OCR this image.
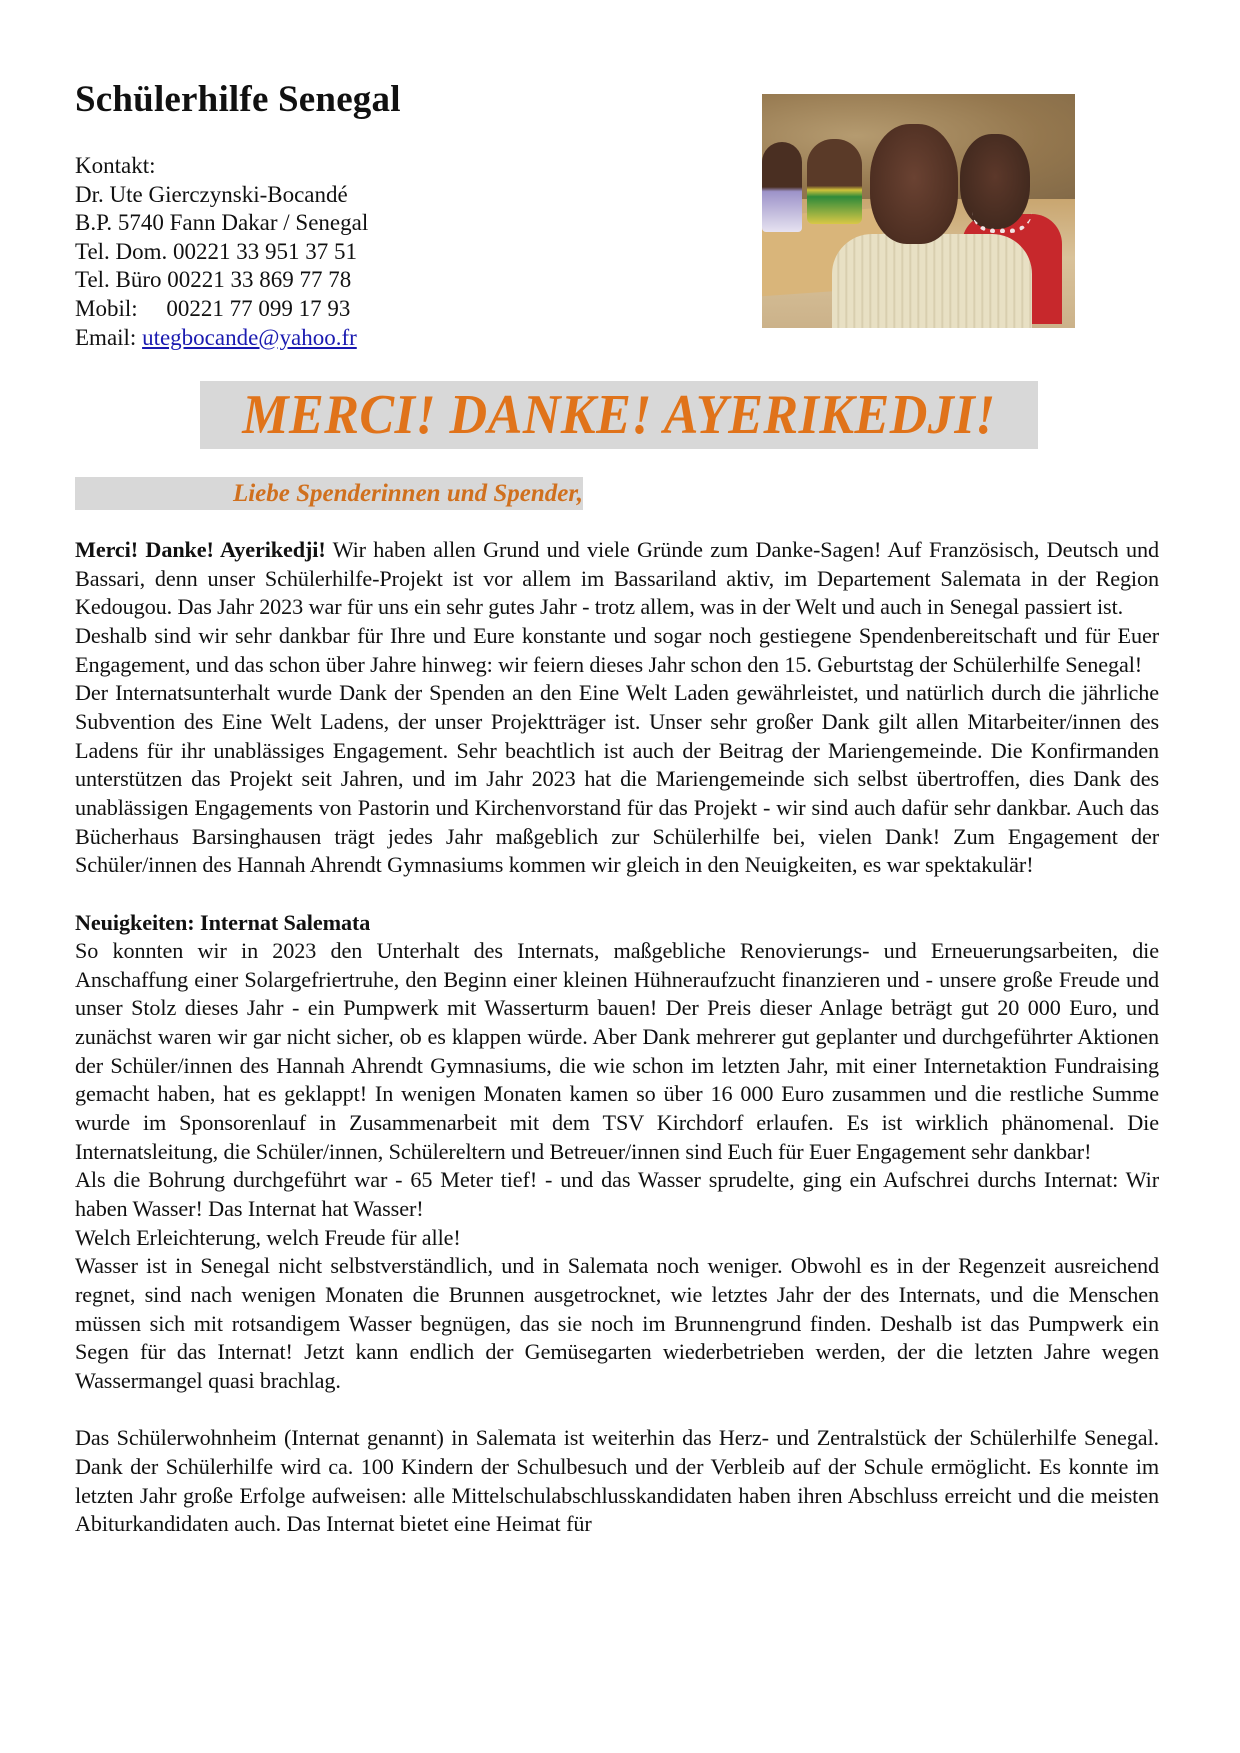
Schülerhilfe Senegal
Kontakt:
Dr. Ute Gierczynski-Bocandé
B.P. 5740 Fann Dakar / Senegal
Tel. Dom. 00221 33 951 37 51
Tel. Büro 00221 33 869 77 78
Mobil:     00221 77 099 17 93
Email: utegbocande@yahoo.fr
MERCI! DANKE! AYERIKEDJI!
Liebe Spenderinnen und Spender,

Merci! Danke! Ayerikedji! Wir haben allen Grund und viele Gründe zum Danke-Sagen! Auf Französisch, Deutsch und Bassari, denn unser Schülerhilfe-Projekt ist vor allem im Bassariland aktiv, im Departement Salemata in der Region Kedougou. Das Jahr 2023 war für uns ein sehr gutes Jahr - trotz allem, was in der Welt und auch in Senegal passiert ist.

Deshalb sind wir sehr dankbar für Ihre und Eure konstante und sogar noch gestiegene Spendenbereitschaft und für Euer Engagement, und das schon über Jahre hinweg: wir feiern dieses Jahr schon den 15. Geburtstag der Schülerhilfe Senegal!

Der Internatsunterhalt wurde Dank der Spenden an den Eine Welt Laden gewährleistet, und natürlich durch die jährliche Subvention des Eine Welt Ladens, der unser Projektträger ist. Unser sehr großer Dank gilt allen Mitarbeiter/innen des Ladens für ihr unablässiges Engagement. Sehr beachtlich ist auch der Beitrag der Mariengemeinde. Die Konfirmanden unterstützen das Projekt seit Jahren, und im Jahr 2023 hat die Mariengemeinde sich selbst übertroffen, dies Dank des unablässigen Engagements von Pastorin und Kirchenvorstand für das Projekt - wir sind auch dafür sehr dankbar. Auch das Bücherhaus Barsinghausen trägt jedes Jahr maßgeblich zur Schülerhilfe bei, vielen Dank! Zum Engagement der Schüler/innen des Hannah Ahrendt Gymnasiums kommen wir gleich in den Neuigkeiten, es war spektakulär!

Neuigkeiten: Internat Salemata

So konnten wir in 2023 den Unterhalt des Internats, maßgebliche Renovierungs- und Erneuerungsarbeiten, die Anschaffung einer Solargefriertruhe, den Beginn einer kleinen Hühneraufzucht finanzieren und - unsere große Freude und unser Stolz dieses Jahr - ein Pumpwerk mit Wasserturm bauen! Der Preis dieser Anlage beträgt gut 20 000 Euro, und zunächst waren wir gar nicht sicher, ob es klappen würde. Aber Dank mehrerer gut geplanter und durchgeführter Aktionen der Schüler/innen des Hannah Ahrendt Gymnasiums, die wie schon im letzten Jahr, mit einer Internetaktion Fundraising gemacht haben, hat es geklappt! In wenigen Monaten kamen so über 16 000 Euro zusammen und die restliche Summe wurde im Sponsorenlauf in Zusammenarbeit mit dem TSV Kirchdorf erlaufen. Es ist wirklich phänomenal. Die Internatsleitung, die Schüler/innen, Schülereltern und Betreuer/innen sind Euch für Euer Engagement sehr dankbar!

Als die Bohrung durchgeführt war - 65 Meter tief! - und das Wasser sprudelte, ging ein Aufschrei durchs Internat: Wir haben Wasser! Das Internat hat Wasser!

Welch Erleichterung, welch Freude für alle!

Wasser ist in Senegal nicht selbstverständlich, und in Salemata noch weniger. Obwohl es in der Regenzeit ausreichend regnet, sind nach wenigen Monaten die Brunnen ausgetrocknet, wie letztes Jahr der des Internats, und die Menschen müssen sich mit rotsandigem Wasser begnügen, das sie noch im Brunnengrund finden. Deshalb ist das Pumpwerk ein Segen für das Internat! Jetzt kann endlich der Gemüsegarten wiederbetrieben werden, der die letzten Jahre wegen Wassermangel quasi brachlag.

Das Schülerwohnheim (Internat genannt) in Salemata ist weiterhin das Herz- und Zentralstück der Schülerhilfe Senegal. Dank der Schülerhilfe wird ca. 100 Kindern der Schulbesuch und der Verbleib auf der Schule ermöglicht. Es konnte im letzten Jahr große Erfolge aufweisen: alle Mittelschulabschlusskandidaten haben ihren Abschluss erreicht und die meisten Abiturkandidaten auch. Das Internat bietet eine Heimat für
